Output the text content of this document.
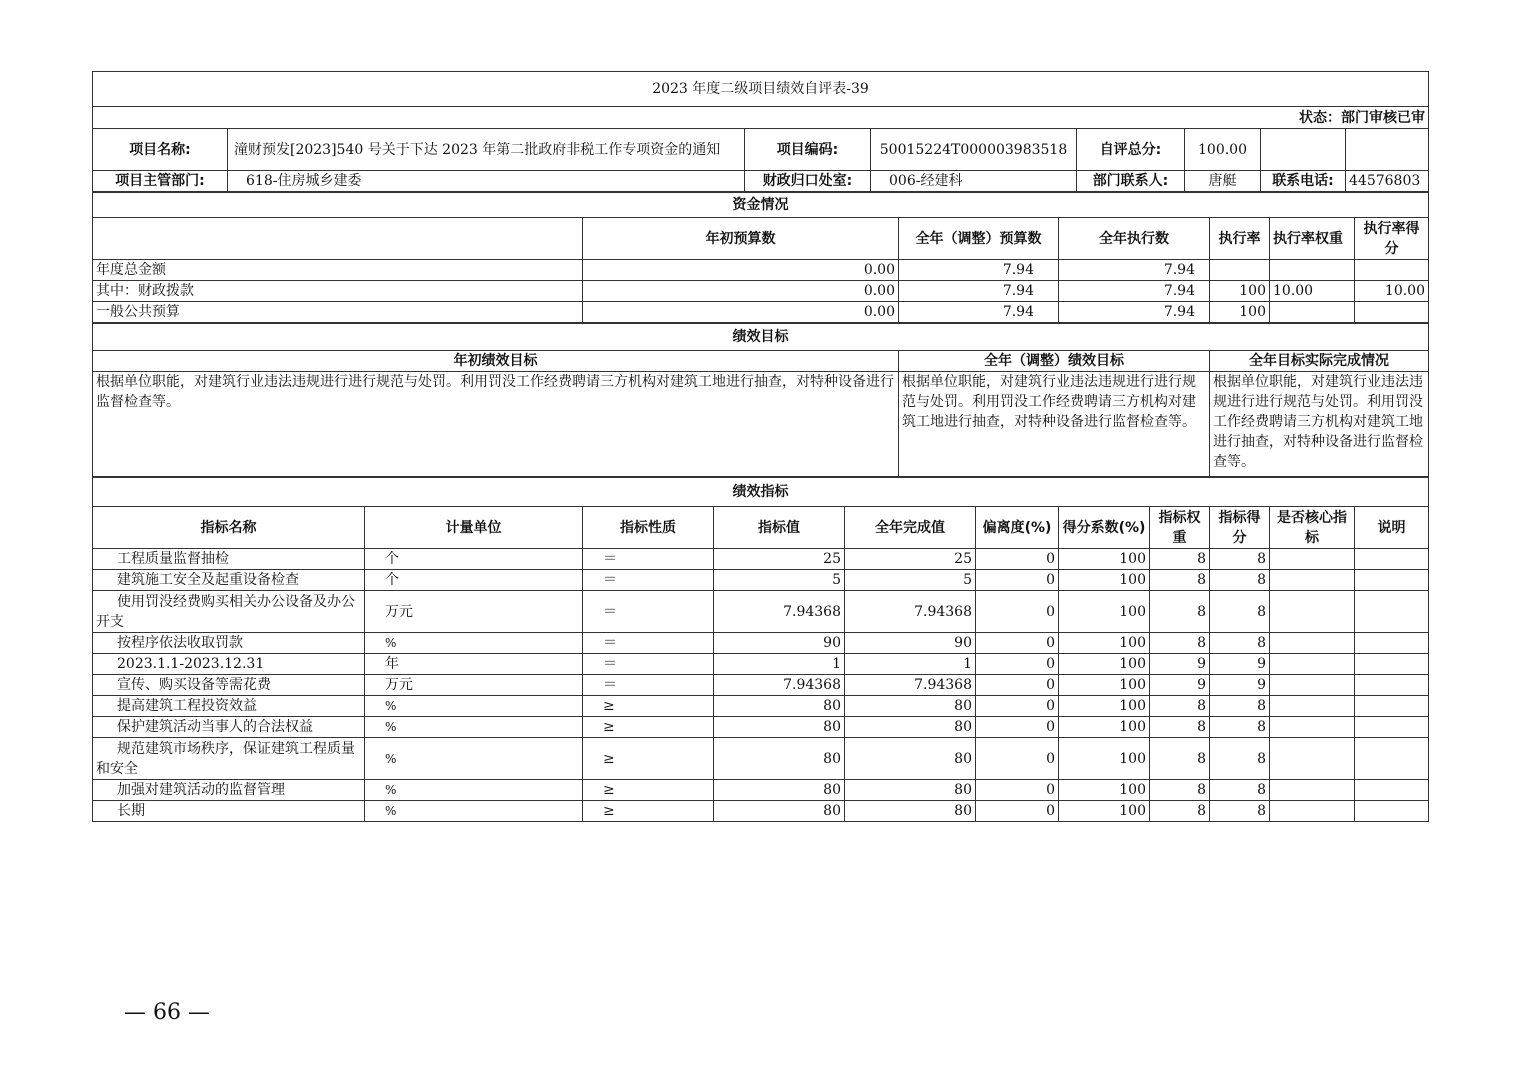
2023 年度二级项目绩效自评表-39							
状态：部门审核已审							
项目名称:	潼财预发[2023]540 号关于下达 2023 年第二批政府非税工作专项资金的通知	项目编码:	50015224T000003983518	自评总分:	100.00		
项目主管部门:	618-住房城乡建委	财政归口处室:	006-经建科	部门联系人:	唐艇	联系电话:	44576803
资金情况						
	年初预算数	全年（调整）预算数	全年执行数	执行率	执行率权重	执行率得分
年度总金额	0.00	7.94	7.94			
其中：财政拨款	0.00	7.94	7.94	100	10.00	10.00
一般公共预算	0.00	7.94	7.94	100		
绩效目标		
年初绩效目标	全年（调整）绩效目标	全年目标实际完成情况
根据单位职能，对建筑行业违法违规进行进行规范与处罚。利用罚没工作经费聘请三方机构对建筑工地进行抽查，对特种设备进行监督检查等。	根据单位职能，对建筑行业违法违规进行进行规范与处罚。利用罚没工作经费聘请三方机构对建筑工地进行抽查，对特种设备进行监督检查等。	根据单位职能，对建筑行业违法违规进行进行规范与处罚。利用罚没工作经费聘请三方机构对建筑工地进行抽查，对特种设备进行监督检查等。
绩效指标										
指标名称	计量单位	指标性质	指标值	全年完成值	偏离度(%)	得分系数(%)	指标权重	指标得分	是否核心指标	说明
工程质量监督抽检	个	＝	25	25	0	100	8	8		
建筑施工安全及起重设备检查	个	＝	5	5	0	100	8	8		
使用罚没经费购买相关办公设备及办公开支	万元	＝	7.94368	7.94368	0	100	8	8		
按程序依法收取罚款	%	＝	90	90	0	100	8	8		
2023.1.1-2023.12.31	年	＝	1	1	0	100	9	9		
宣传、购买设备等需花费	万元	＝	7.94368	7.94368	0	100	9	9		
提高建筑工程投资效益	%	≥	80	80	0	100	8	8		
保护建筑活动当事人的合法权益	%	≥	80	80	0	100	8	8		
规范建筑市场秩序，保证建筑工程质量和安全	%	≥	80	80	0	100	8	8		
加强对建筑活动的监督管理	%	≥	80	80	0	100	8	8		
长期	%	≥	80	80	0	100	8	8		
— 66 —
